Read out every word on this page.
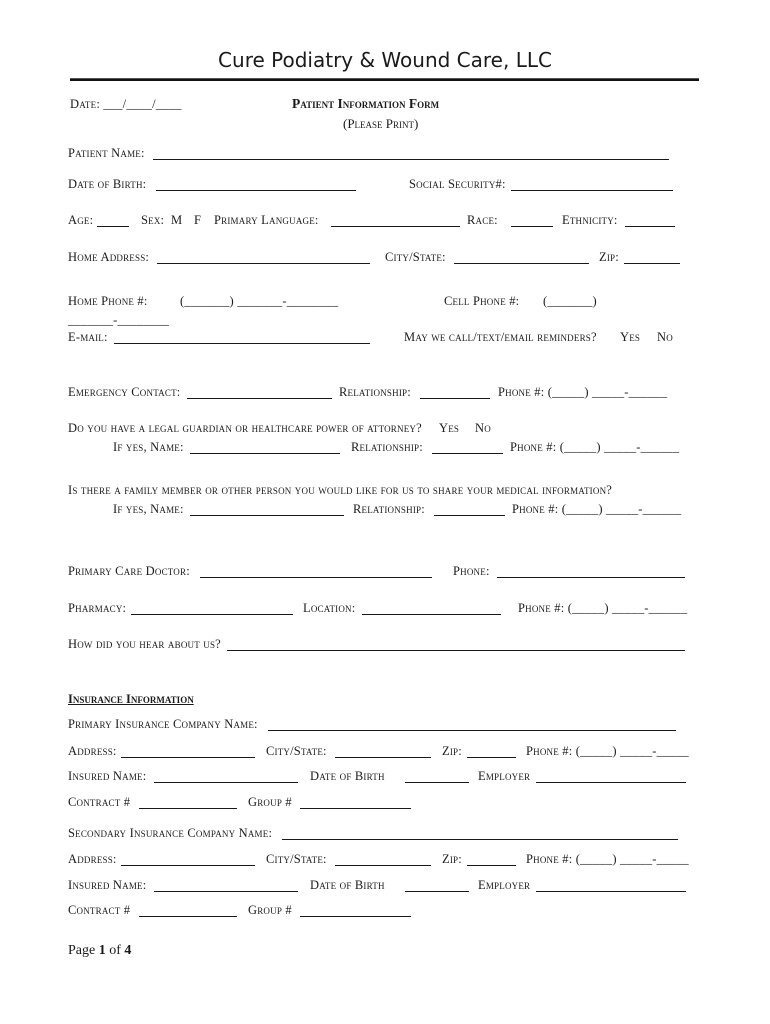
Cure Podiatry & Wound Care, LLC
Date: ___/____/____	Patient Information Form
(Please Print)
Patient Name:
Date of Birth:	Social Security#:
Age:	Sex: M F Primary Language:	Race:	Ethnicity:
Home Address:	City/State:	Zip:
Home Phone #:	(_______) _______-________	Cell Phone #: (_______)
_______-________
E-mail:	May we call/text/email reminders? Yes No
Emergency Contact:	Relationship:	Phone #: (_____) _____-______
Do you have a legal guardian or healthcare power of attorney? Yes No
If yes, Name:	Relationship:	Phone #: (_____) _____-______
Is there a family member or other person you would like for us to share your medical information?
If yes, Name:	Relationship:	Phone #: (_____) _____-______
Primary Care Doctor:	Phone:
Pharmacy:	Location:	Phone #: (_____) _____-______
How did you hear about us?
Insurance Information
Primary Insurance Company Name:
Address:	City/State:	Zip:	Phone #: (_____) _____-_____
Insured Name:	Date of Birth	Employer
Contract #	Group #
Secondary Insurance Company Name:
Address:	City/State:	Zip:	Phone #: (_____) _____-_____
Insured Name:	Date of Birth	Employer
Contract #	Group #
Page 1 of 4
